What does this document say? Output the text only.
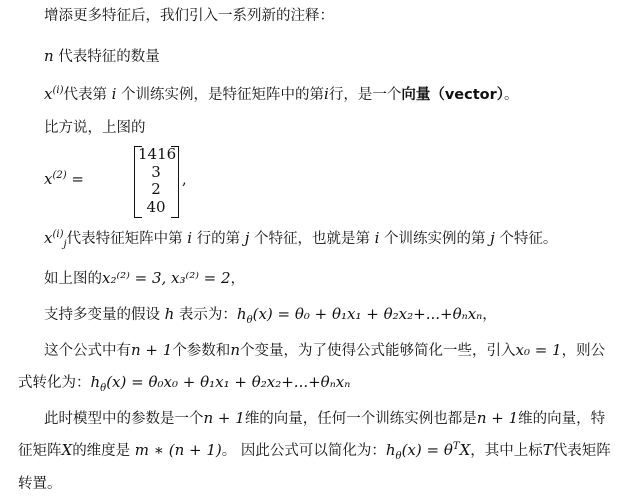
增添更多特征后，我们引入一系列新的注释：
n 代表特征的数量
$x^{(i)}$代表第 i 个训练实例，是特征矩阵中的第i行，是一个向量（vector）。
比方说，上图的
$x^{(2)}$ =
1416
3
2
40
,
$x^{(i)}_j$代表特征矩阵中第 i 行的第 j 个特征，也就是第 i 个训练实例的第 j 个特征。
如上图的x₂⁽²⁾ = 3, x₃⁽²⁾ = 2，
支持多变量的假设 h 表示为：$h_\theta(x) = \theta_0 + \theta_1x_1 + \theta_2x_2+...+\theta_nx_n$，
这个公式中有n + 1个参数和n个变量，为了使得公式能够简化一些，引入x₀ = 1，则公
式转化为：$h_\theta(x) = \theta_0x_0 + \theta_1x_1 + \theta_2x_2+...+\theta_nx_n$
此时模型中的参数是一个n + 1维的向量，任何一个训练实例也都是n + 1维的向量，特
征矩阵X的维度是 m ∗ (n + 1)。 因此公式可以简化为：$h_\theta(x) = \theta^TX$，其中上标T代表矩阵
转置。
